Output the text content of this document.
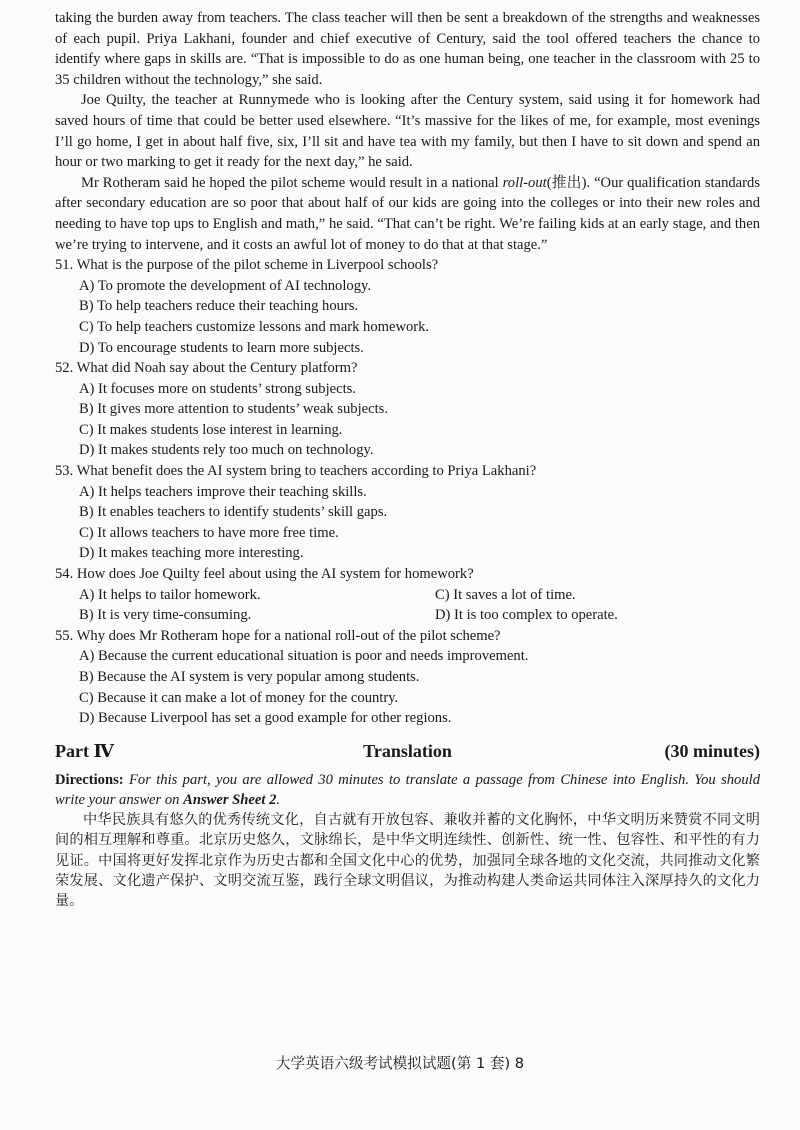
taking the burden away from teachers. The class teacher will then be sent a breakdown of the strengths and weaknesses of each pupil. Priya Lakhani, founder and chief executive of Century, said the tool offered teachers the chance to identify where gaps in skills are. “That is impossible to do as one human being, one teacher in the classroom with 25 to 35 children without the technology,” she said.

Joe Quilty, the teacher at Runnymede who is looking after the Century system, said using it for homework had saved hours of time that could be better used elsewhere. “It’s massive for the likes of me, for example, most evenings I’ll go home, I get in about half five, six, I’ll sit and have tea with my family, but then I have to sit down and spend an hour or two marking to get it ready for the next day,” he said.

Mr Rotheram said he hoped the pilot scheme would result in a national roll-out(推出). “Our qualification standards after secondary education are so poor that about half of our kids are going into the colleges or into their new roles and needing to have top ups to English and math,” he said. “That can’t be right. We’re failing kids at an early stage, and then we’re trying to intervene, and it costs an awful lot of money to do that at that stage.”

51. What is the purpose of the pilot scheme in Liverpool schools?

A) To promote the development of AI technology.

B) To help teachers reduce their teaching hours.

C) To help teachers customize lessons and mark homework.

D) To encourage students to learn more subjects.

52. What did Noah say about the Century platform?

A) It focuses more on students’ strong subjects.

B) It gives more attention to students’ weak subjects.

C) It makes students lose interest in learning.

D) It makes students rely too much on technology.

53. What benefit does the AI system bring to teachers according to Priya Lakhani?

A) It helps teachers improve their teaching skills.

B) It enables teachers to identify students’ skill gaps.

C) It allows teachers to have more free time.

D) It makes teaching more interesting.

54. How does Joe Quilty feel about using the AI system for homework?

A) It helps to tailor homework.	C) It saves a lot of time.
B) It is very time-consuming.	D) It is too complex to operate.

55. Why does Mr Rotheram hope for a national roll-out of the pilot scheme?

A) Because the current educational situation is poor and needs improvement.

B) Because the AI system is very popular among students.

C) Because it can make a lot of money for the country.

D) Because Liverpool has set a good example for other regions.

Part Ⅳ	Translation	(30 minutes)

Directions: For this part, you are allowed 30 minutes to translate a passage from Chinese into English. You should write your answer on Answer Sheet 2.

中华民族具有悠久的优秀传统文化，自古就有开放包容、兼收并蓄的文化胸怀，中华文明历来赞赏不同文明间的相互理解和尊重。北京历史悠久，文脉绵长，是中华文明连续性、创新性、统一性、包容性、和平性的有力见证。中国将更好发挥北京作为历史古都和全国文化中心的优势，加强同全球各地的文化交流，共同推动文化繁荣发展、文化遗产保护、文明交流互鉴，践行全球文明倡议，为推动构建人类命运共同体注入深厚持久的文化力量。

大学英语六级考试模拟试题(第 1 套) 8
